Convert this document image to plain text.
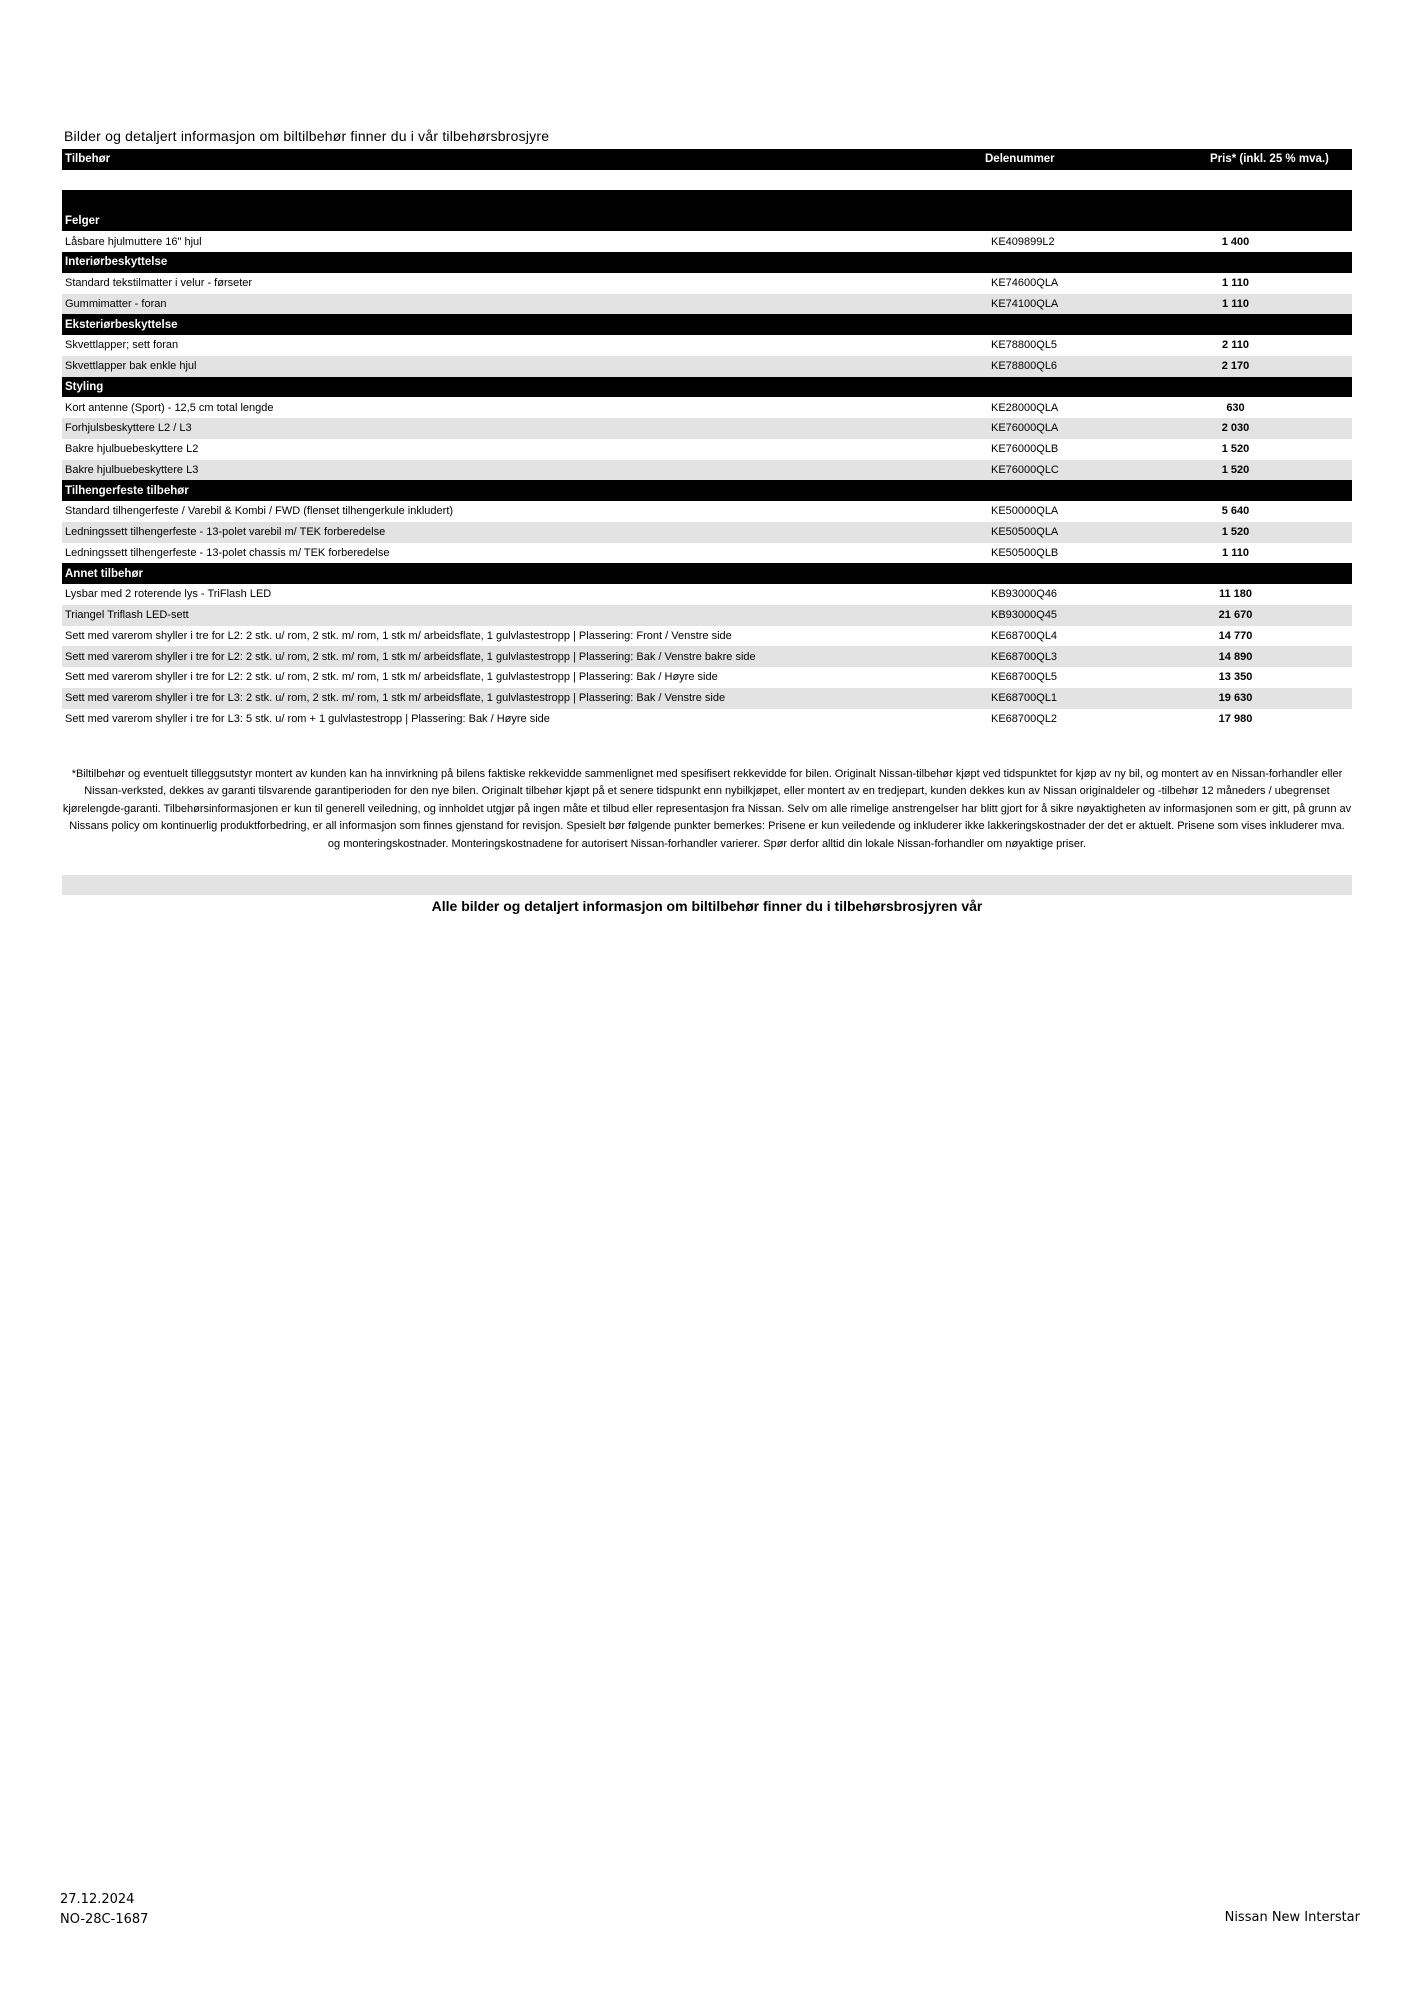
Bilder og detaljert informasjon om biltilbehør finner du i vår tilbehørsbrosjyre
Tilbehør	Delenummer	Pris* (inkl. 25 % mva.)
Felger
Låsbare hjulmuttere 16" hjul	KE409899L2	1 400
Interiørbeskyttelse
Standard tekstilmatter i velur - førseter	KE74600QLA	1 110
Gummimatter - foran	KE74100QLA	1 110
Eksteriørbeskyttelse
Skvettlapper; sett foran	KE78800QL5	2 110
Skvettlapper bak enkle hjul	KE78800QL6	2 170
Styling
Kort antenne (Sport) - 12,5 cm total lengde	KE28000QLA	630
Forhjulsbeskyttere L2 / L3	KE76000QLA	2 030
Bakre hjulbuebeskyttere L2	KE76000QLB	1 520
Bakre hjulbuebeskyttere L3	KE76000QLC	1 520
Tilhengerfeste tilbehør
Standard tilhengerfeste / Varebil & Kombi / FWD (flenset tilhengerkule inkludert)	KE50000QLA	5 640
Ledningssett tilhengerfeste - 13-polet varebil m/ TEK forberedelse	KE50500QLA	1 520
Ledningssett tilhengerfeste - 13-polet chassis m/ TEK forberedelse	KE50500QLB	1 110
Annet tilbehør
Lysbar med 2 roterende lys - TriFlash LED	KB93000Q46	11 180
Triangel Triflash LED-sett	KB93000Q45	21 670
Sett med varerom shyller i tre for L2: 2 stk. u/ rom, 2 stk. m/ rom, 1 stk m/ arbeidsflate, 1 gulvlastestropp | Plassering: Front / Venstre side	KE68700QL4	14 770
Sett med varerom shyller i tre for L2: 2 stk. u/ rom, 2 stk. m/ rom, 1 stk m/ arbeidsflate, 1 gulvlastestropp | Plassering: Bak / Venstre bakre side	KE68700QL3	14 890
Sett med varerom shyller i tre for L2: 2 stk. u/ rom, 2 stk. m/ rom, 1 stk m/ arbeidsflate, 1 gulvlastestropp | Plassering: Bak / Høyre side	KE68700QL5	13 350
Sett med varerom shyller i tre for L3: 2 stk. u/ rom, 2 stk. m/ rom, 1 stk m/ arbeidsflate, 1 gulvlastestropp | Plassering: Bak / Venstre side	KE68700QL1	19 630
Sett med varerom shyller i tre for L3: 5 stk. u/ rom + 1 gulvlastestropp | Plassering: Bak / Høyre side	KE68700QL2	17 980
*Biltilbehør og eventuelt tilleggsutstyr montert av kunden kan ha innvirkning på bilens faktiske rekkevidde sammenlignet med spesifisert rekkevidde for bilen. Originalt Nissan-tilbehør kjøpt ved tidspunktet for kjøp av ny bil, og montert av en Nissan-forhandler eller Nissan-verksted, dekkes av garanti tilsvarende garantiperioden for den nye bilen. Originalt tilbehør kjøpt på et senere tidspunkt enn nybilkjøpet, eller montert av en tredjepart, kunden dekkes kun av Nissan originaldeler og -tilbehør 12 måneders / ubegrenset kjørelengde-garanti. Tilbehørsinformasjonen er kun til generell veiledning, og innholdet utgjør på ingen måte et tilbud eller representasjon fra Nissan. Selv om alle rimelige anstrengelser har blitt gjort for å sikre nøyaktigheten av informasjonen som er gitt, på grunn av Nissans policy om kontinuerlig produktforbedring, er all informasjon som finnes gjenstand for revisjon. Spesielt bør følgende punkter bemerkes: Prisene er kun veiledende og inkluderer ikke lakkeringskostnader der det er aktuelt. Prisene som vises inkluderer mva. og monteringskostnader. Monteringskostnadene for autorisert Nissan-forhandler varierer. Spør derfor alltid din lokale Nissan-forhandler om nøyaktige priser.
Alle bilder og detaljert informasjon om biltilbehør finner du i tilbehørsbrosjyren vår
27.12.2024
NO-28C-1687	Nissan New Interstar
